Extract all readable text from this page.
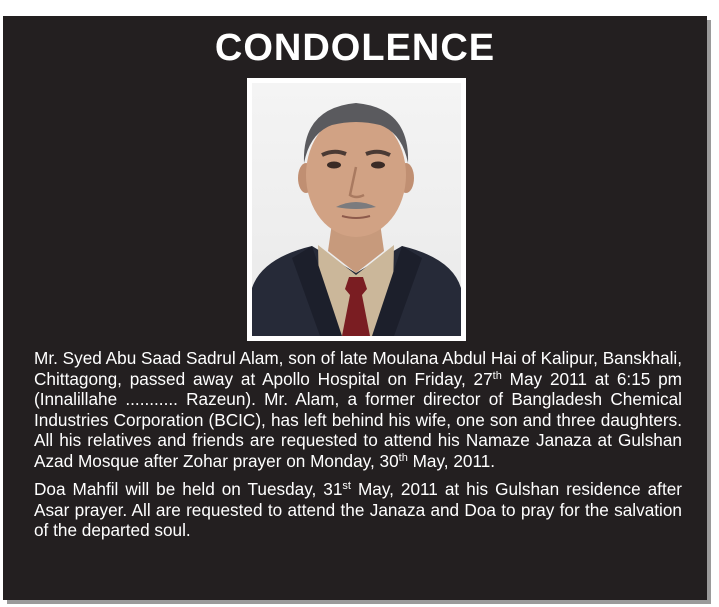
CONDOLENCE

Mr. Syed Abu Saad Sadrul Alam, son of late Moulana Abdul Hai of Kalipur, Banskhali, Chittagong, passed away at Apollo Hospital on Friday, 27th May 2011 at 6:15 pm (Innalillahe ........... Razeun). Mr. Alam, a former director of Bangladesh Chemical Industries Corporation (BCIC), has left behind his wife, one son and three daughters. All his relatives and friends are requested to attend his Namaze Janaza at Gulshan Azad Mosque after Zohar prayer on Monday, 30th May, 2011.

Doa Mahfil will be held on Tuesday, 31st May, 2011 at his Gulshan residence after Asar prayer. All are requested to attend the Janaza and Doa to pray for the salvation of the departed soul.
